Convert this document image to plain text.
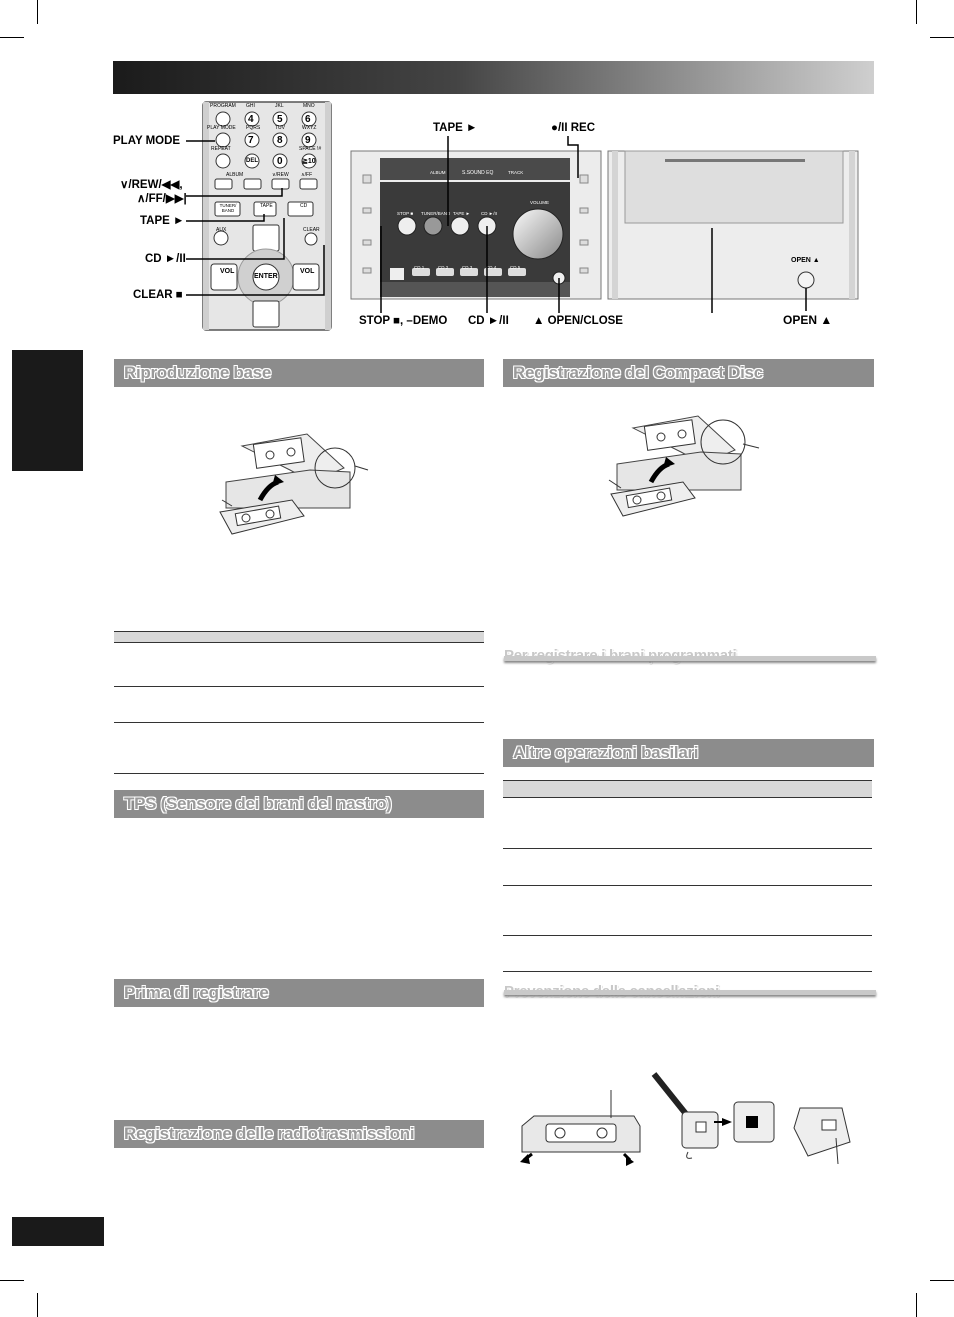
PROGRAM GHI	JKL	MNO
4 5 6
PLAY MODE PQRS	TUV	WXYZ
7 8 9
REPEAT	SPACE !#
DEL 0	≧10
ALBUM	∨/REW ∧/FF
TUNER/ BAND
TAPE	CD
AUX	CLEAR
VOL
ENTER
VOL
PLAY MODE
∨/REW/◀◀,
∧/FF/▶▶|
TAPE ►
CD ►/II
CLEAR ■
TAPE ►	●/II REC
S.SOUND EQ
ALBUM	TRACK
VOLUME
STOP ■ TUNER/BAND TAPE ► CD ►/II
CD 1	CD 2	CD 3	CD 4	CD 5
OPEN ▲
STOP ■, –DEMO CD ►/II ▲ OPEN/CLOSE	OPEN ▲
Riproduzione base
TPS (Sensore dei brani del nastro)
Prima di registrare
Registrazione delle radiotrasmissioni
Registrazione del Compact Disc
Altre operazioni basilari
